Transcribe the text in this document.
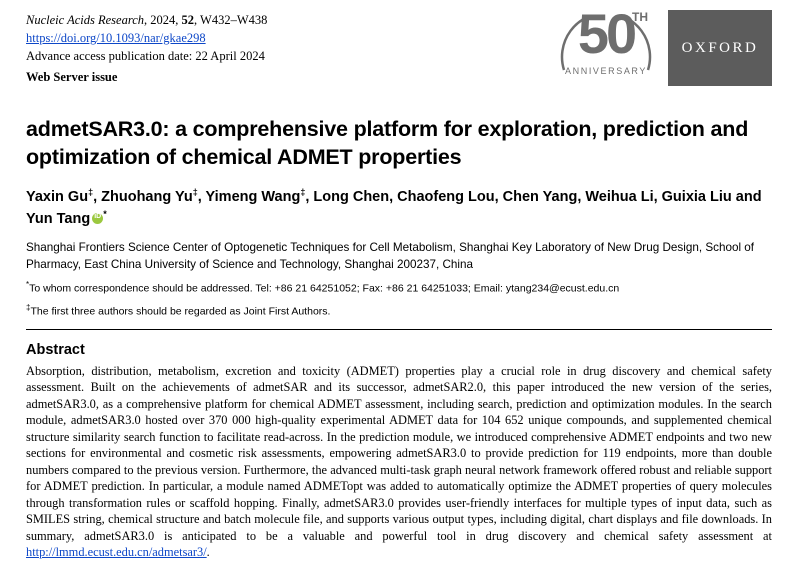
Nucleic Acids Research, 2024, 52, W432–W438
https://doi.org/10.1093/nar/gkae298
Advance access publication date: 22 April 2024
Web Server issue
TH
50
ANNIVERSARY
OXFORD
admetSAR3.0: a comprehensive platform for exploration, prediction and optimization of chemical ADMET properties
Yaxin Gu‡, Zhuohang Yu‡, Yimeng Wang‡, Long Chen, Chaofeng Lou, Chen Yang, Weihua Li, Guixia Liu and Yun Tang iD *
Shanghai Frontiers Science Center of Optogenetic Techniques for Cell Metabolism, Shanghai Key Laboratory of New Drug Design, School of Pharmacy, East China University of Science and Technology, Shanghai 200237, China
*To whom correspondence should be addressed. Tel: +86 21 64251052; Fax: +86 21 64251033; Email: ytang234@ecust.edu.cn
‡The first three authors should be regarded as Joint First Authors.
Abstract
Absorption, distribution, metabolism, excretion and toxicity (ADMET) properties play a crucial role in drug discovery and chemical safety assessment. Built on the achievements of admetSAR and its successor, admetSAR2.0, this paper introduced the new version of the series, admetSAR3.0, as a comprehensive platform for chemical ADMET assessment, including search, prediction and optimization modules. In the search module, admetSAR3.0 hosted over 370 000 high-quality experimental ADMET data for 104 652 unique compounds, and supplemented chemical structure similarity search function to facilitate read-across. In the prediction module, we introduced comprehensive ADMET endpoints and two new sections for environmental and cosmetic risk assessments, empowering admetSAR3.0 to provide prediction for 119 endpoints, more than double numbers compared to the previous version. Furthermore, the advanced multi-task graph neural network framework offered robust and reliable support for ADMET prediction. In particular, a module named ADMETopt was added to automatically optimize the ADMET properties of query molecules through transformation rules or scaffold hopping. Finally, admetSAR3.0 provides user-friendly interfaces for multiple types of input data, such as SMILES string, chemical structure and batch molecule file, and supports various output types, including digital, chart displays and file downloads. In summary, admetSAR3.0 is anticipated to be a valuable and powerful tool in drug discovery and chemical safety assessment at http://lmmd.ecust.edu.cn/admetsar3/.
